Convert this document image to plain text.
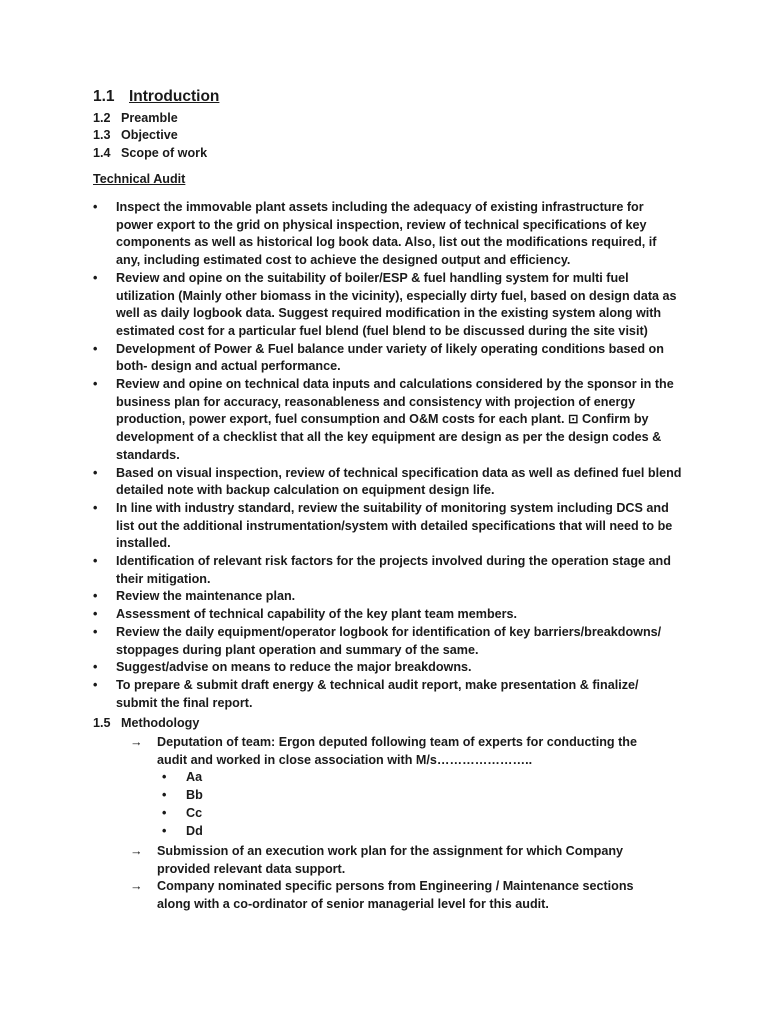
1.1 Introduction
1.2 Preamble
1.3 Objective
1.4 Scope of work
Technical Audit
• Inspect the immovable plant assets including the adequacy of existing infrastructure for power export to the grid on physical inspection, review of technical specifications of key components as well as historical log book data. Also, list out the modifications required, if any, including estimated cost to achieve the designed output and efficiency.
• Review and opine on the suitability of boiler/ESP & fuel handling system for multi fuel utilization (Mainly other biomass in the vicinity), especially dirty fuel, based on design data as well as daily logbook data. Suggest required modification in the existing system along with estimated cost for a particular fuel blend (fuel blend to be discussed during the site visit)
• Development of Power & Fuel balance under variety of likely operating conditions based on both- design and actual performance.
• Review and opine on technical data inputs and calculations considered by the sponsor in the business plan for accuracy, reasonableness and consistency with projection of energy production, power export, fuel consumption and O&M costs for each plant. ⊡ Confirm by development of a checklist that all the key equipment are design as per the design codes & standards.
• Based on visual inspection, review of technical specification data as well as defined fuel blend detailed note with backup calculation on equipment design life.
• In line with industry standard, review the suitability of monitoring system including DCS and list out the additional instrumentation/system with detailed specifications that will need to be installed.
• Identification of relevant risk factors for the projects involved during the operation stage and their mitigation.
• Review the maintenance plan.
• Assessment of technical capability of the key plant team members.
• Review the daily equipment/operator logbook for identification of key barriers/breakdowns/ stoppages during plant operation and summary of the same.
• Suggest/advise on means to reduce the major breakdowns.
• To prepare & submit draft energy & technical audit report, make presentation & finalize/ submit the final report.
1.5 Methodology
→	Deputation of team: Ergon deputed following team of experts for conducting the audit and worked in close association with M/s…………………..
• Aa
• Bb
• Cc
• Dd
→	Submission of an execution work plan for the assignment for which Company provided relevant data support.
→	Company nominated specific persons from Engineering / Maintenance sections along with a co-ordinator of senior managerial level for this audit.
